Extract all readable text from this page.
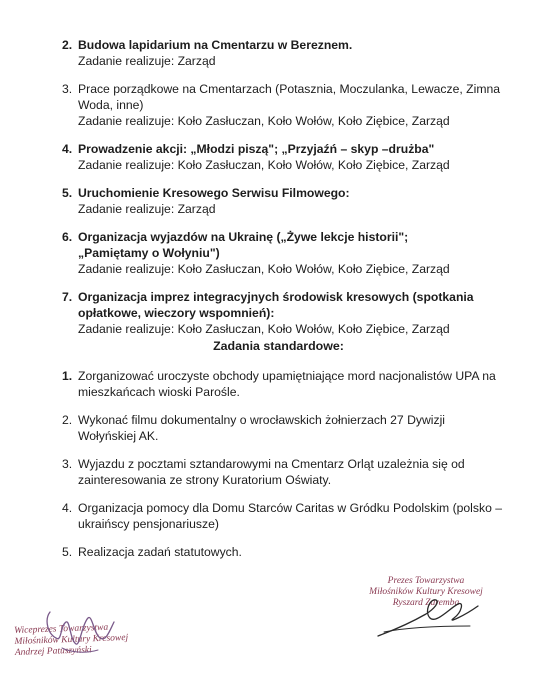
2. Budowa lapidarium na Cmentarzu w Bereznem.
Zadanie realizuje: Zarząd
3. Prace porządkowe na Cmentarzach (Potasznia, Moczulanka, Lewacze, Zimna
Woda, inne)
Zadanie realizuje: Koło Zasłuczan, Koło Wołów, Koło Ziębice, Zarząd
4. Prowadzenie akcji: „Młodzi piszą"; „Przyjaźń – skyp –drużba"
Zadanie realizuje: Koło Zasłuczan, Koło Wołów, Koło Ziębice, Zarząd
5. Uruchomienie Kresowego Serwisu Filmowego:
Zadanie realizuje: Zarząd
6. Organizacja wyjazdów na Ukrainę („Żywe lekcje historii";
„Pamiętamy o Wołyniu")
Zadanie realizuje: Koło Zasłuczan, Koło Wołów, Koło Ziębice, Zarząd
7. Organizacja imprez integracyjnych środowisk kresowych (spotkania
opłatkowe, wieczory wspomnień):
Zadanie realizuje: Koło Zasłuczan, Koło Wołów, Koło Ziębice, Zarząd
Zadania standardowe:
1. Zorganizować uroczyste obchody upamiętniające mord nacjonalistów UPA na
mieszkańcach wioski Parośle.
2. Wykonać filmu dokumentalny o wrocławskich żołnierzach 27 Dywizji
Wołyńskiej AK.
3. Wyjazdu z pocztami sztandarowymi na Cmentarz Orląt uzależnia się od
zainteresowania ze strony Kuratorium Oświaty.
4. Organizacja pomocy dla Domu Starców Caritas w Gródku Podolskim (polsko –
ukraińscy pensjonariusze)
5. Realizacja zadań statutowych.
Prezes Towarzystwa
Miłośników Kultury Kresowej
Ryszard Zaremba
Wiceprezes Towarzystwa
Miłośników Kultury Kresowej
Andrzej Patuszyński
